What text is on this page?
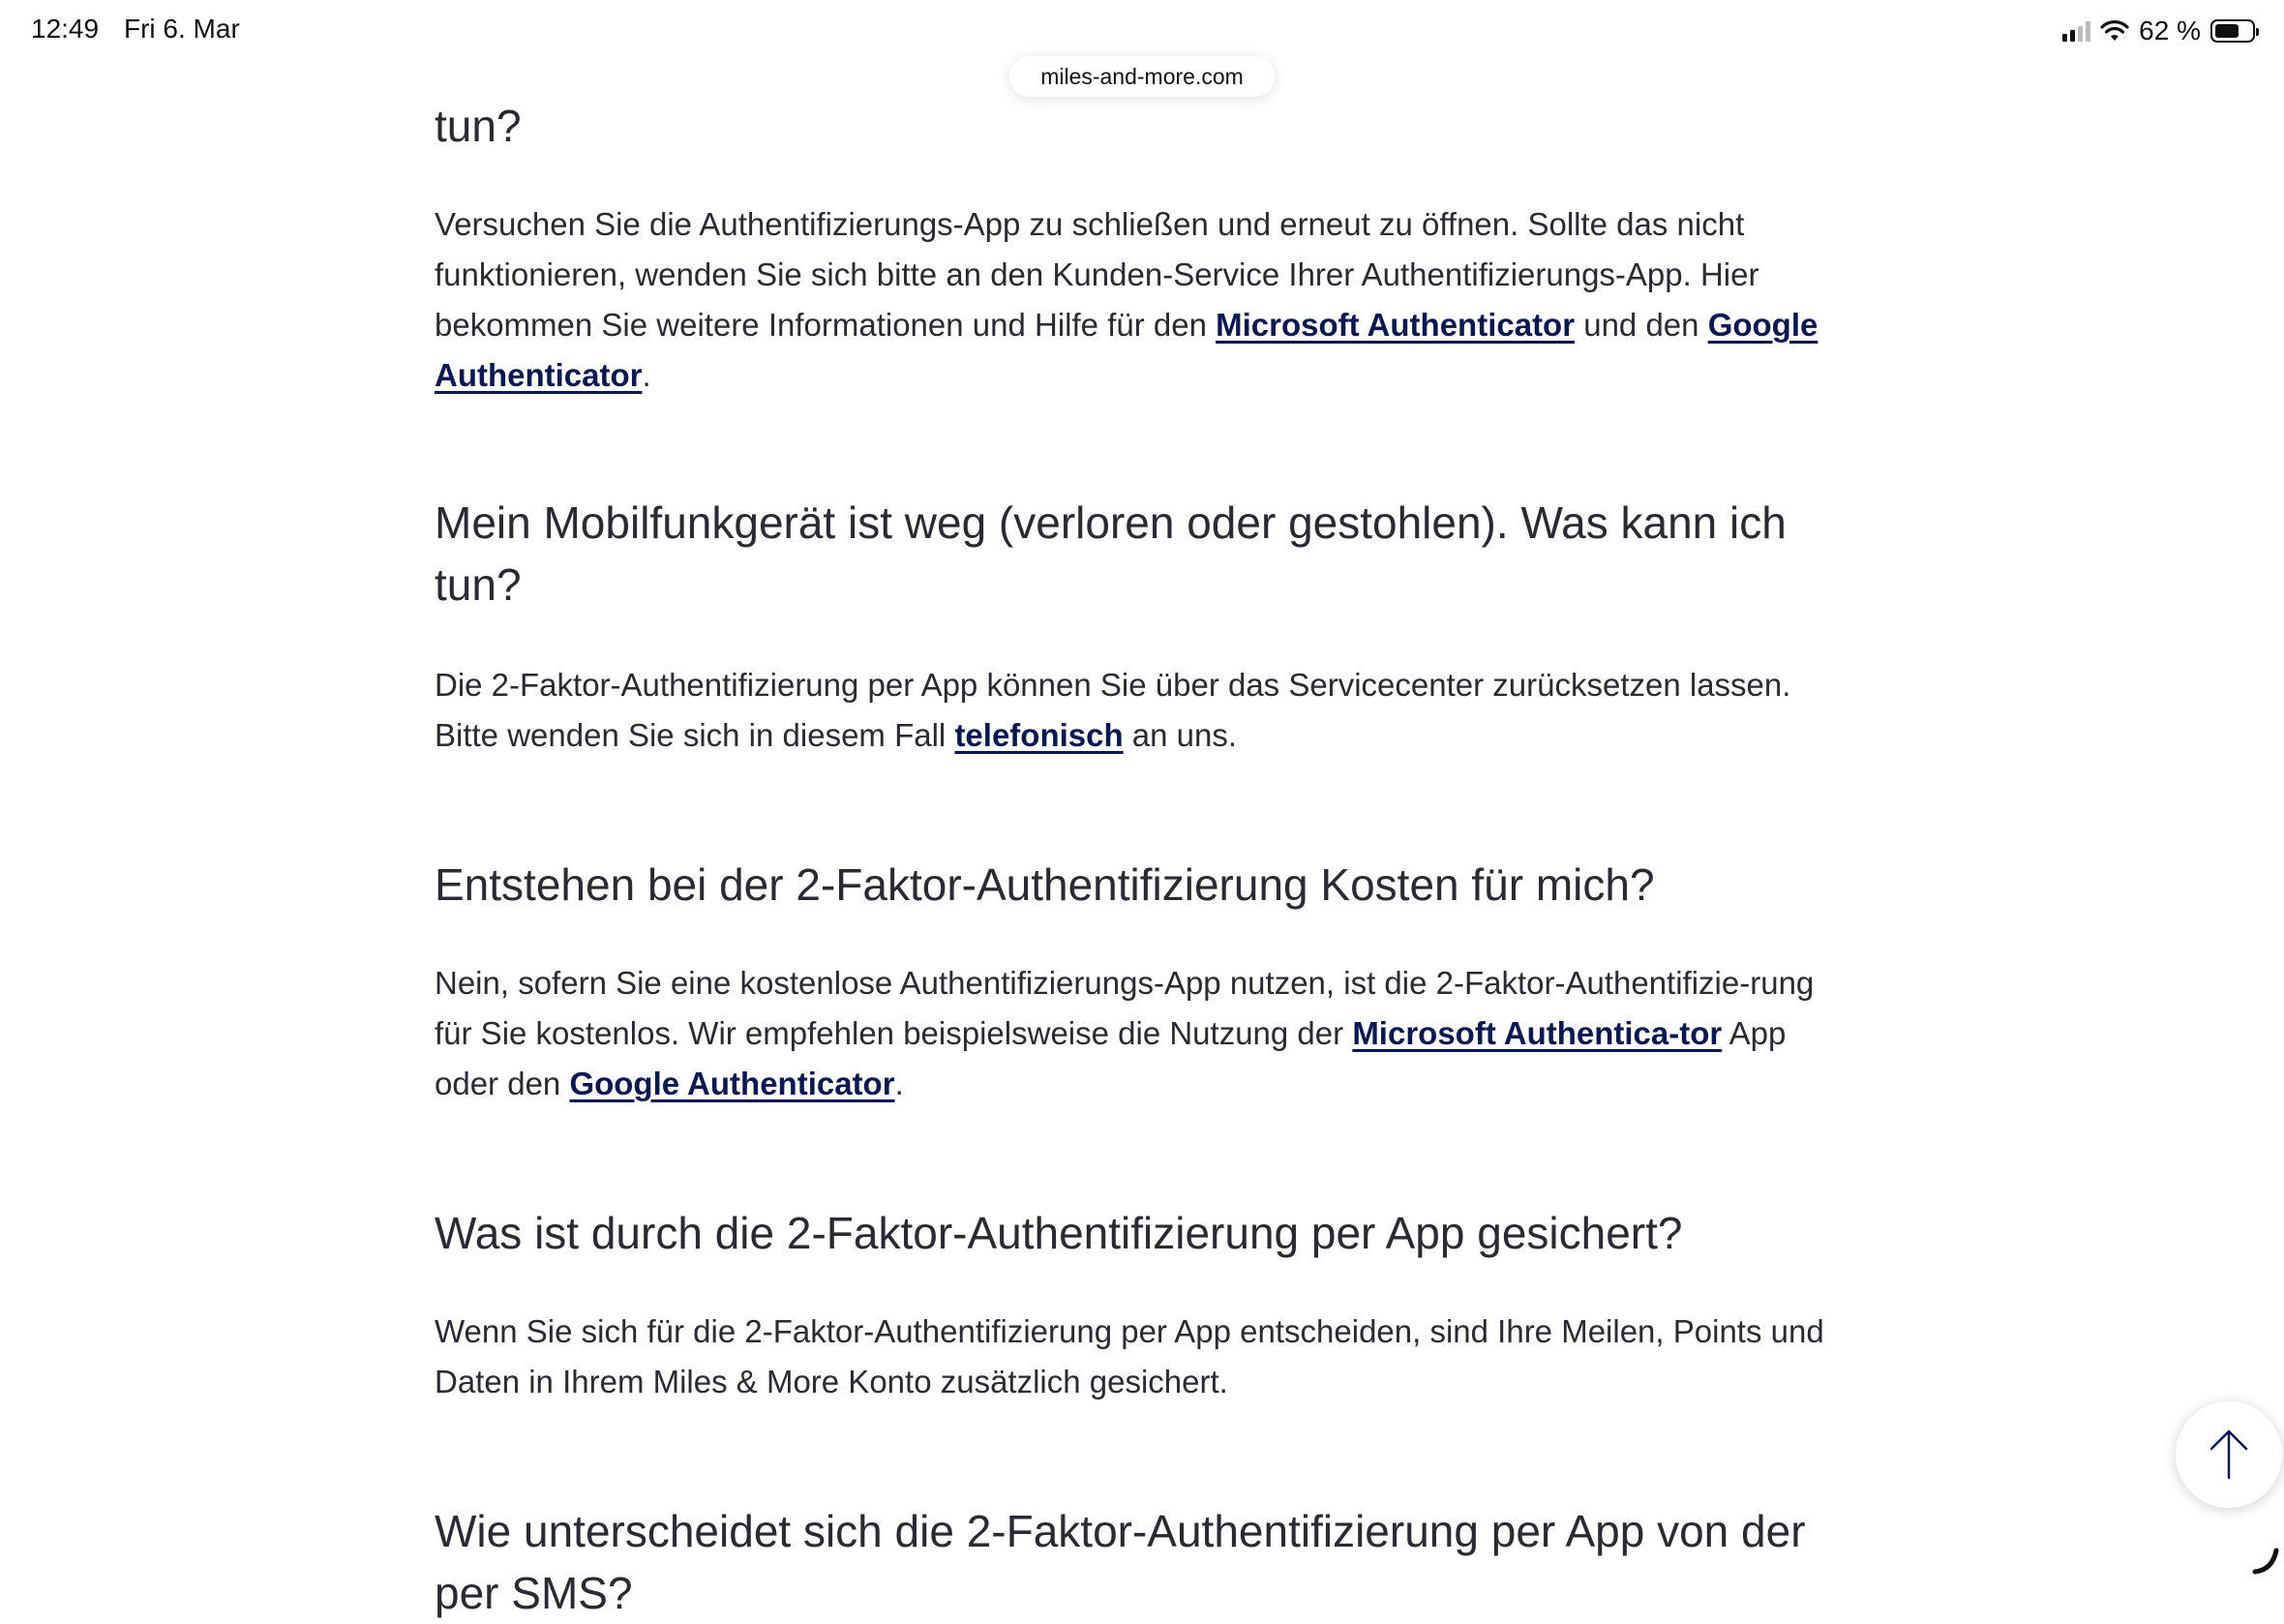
12:49 Fri 6. Mar	62 %
miles-and-more.com
tun?

Versuchen Sie die Authentifizierungs-App zu schließen und erneut zu öffnen. Sollte das nicht funktionieren, wenden Sie sich bitte an den Kunden-Service Ihrer Authentifizierungs-App. Hier bekommen Sie weitere Informationen und Hilfe für den Microsoft Authenticator und den Google Authenticator.

Mein Mobilfunkgerät ist weg (verloren oder gestohlen). Was kann ich tun?

Die 2-Faktor-Authentifizierung per App können Sie über das Servicecenter zurücksetzen lassen. Bitte wenden Sie sich in diesem Fall telefonisch an uns.

Entstehen bei der 2-Faktor-Authentifizierung Kosten für mich?

Nein, sofern Sie eine kostenlose Authentifizierungs-App nutzen, ist die 2-Faktor-Authentifizie-rung für Sie kostenlos. Wir empfehlen beispielsweise die Nutzung der Microsoft Authentica-tor App oder den Google Authenticator.

Was ist durch die 2-Faktor-Authentifizierung per App gesichert?

Wenn Sie sich für die 2-Faktor-Authentifizierung per App entscheiden, sind Ihre Meilen, Points und Daten in Ihrem Miles & More Konto zusätzlich gesichert.

Wie unterscheidet sich die 2-Faktor-Authentifizierung per App von der per SMS?
